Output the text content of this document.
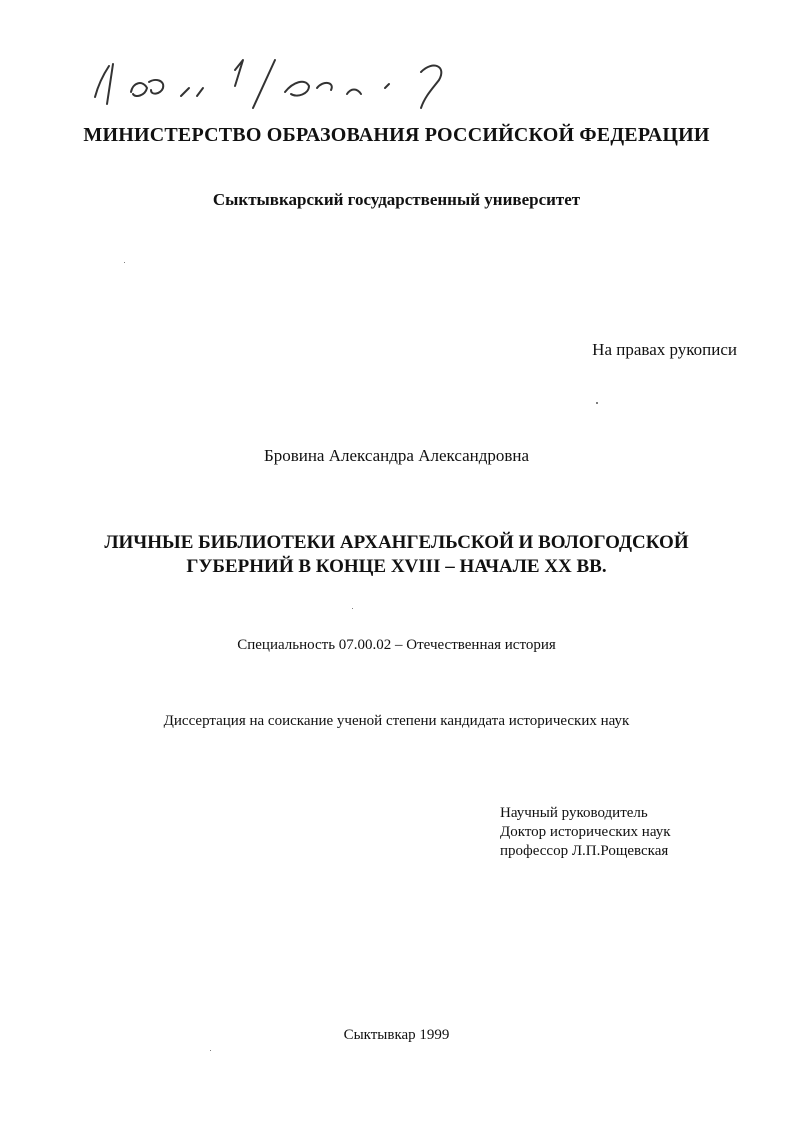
МИНИСТЕРСТВО ОБРАЗОВАНИЯ РОССИЙСКОЙ ФЕДЕРАЦИИ
Сыктывкарский государственный университет
На правах рукописи
Бровина Александра Александровна
ЛИЧНЫЕ БИБЛИОТЕКИ АРХАНГЕЛЬСКОЙ И ВОЛОГОДСКОЙ
ГУБЕРНИЙ В КОНЦЕ XVIII – НАЧАЛЕ XX ВВ.
Специальность 07.00.02 – Отечественная история
Диссертация на соискание ученой степени кандидата исторических наук
Научный руководитель
Доктор исторических наук
профессор Л.П.Рощевская
Сыктывкар 1999
